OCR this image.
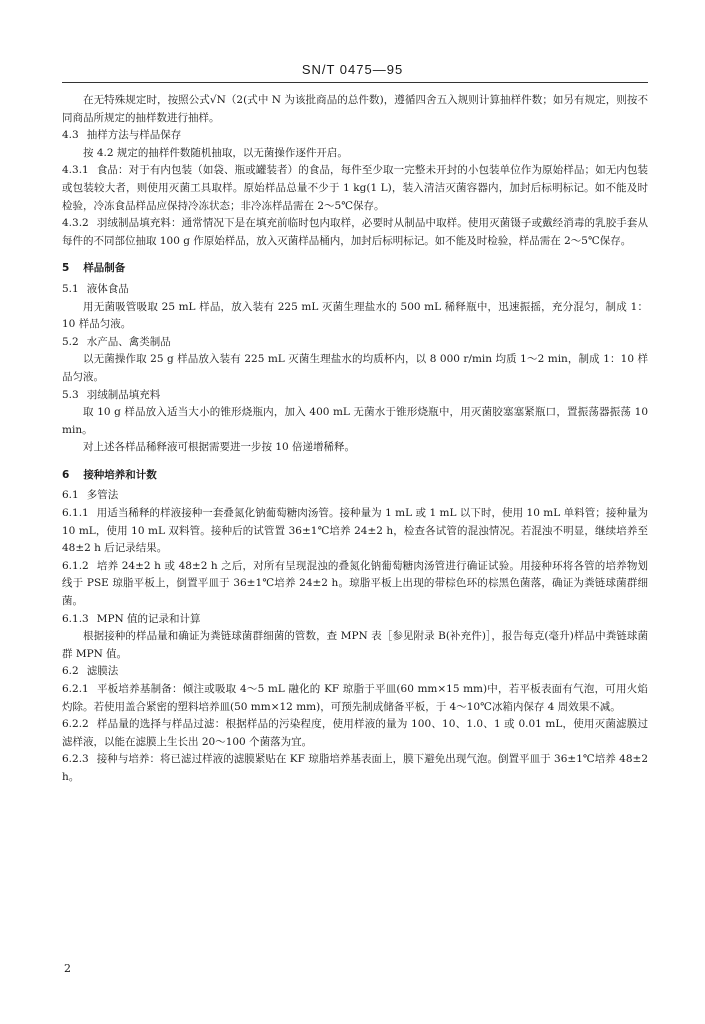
SN/T 0475—95

在无特殊规定时，按照公式√N（2(式中 N 为该批商品的总件数)，遵循四舍五入规则计算抽样件数；如另有规定，则按不同商品所规定的抽样数进行抽样。

4.3 抽样方法与样品保存

按 4.2 规定的抽样件数随机抽取，以无菌操作逐件开启。

4.3.1 食品：对于有内包装（如袋、瓶或罐装者）的食品，每件至少取一完整未开封的小包装单位作为原始样品；如无内包装或包装较大者，则使用灭菌工具取样。原始样品总量不少于 1 kg(1 L)，装入清洁灭菌容器内，加封后标明标记。如不能及时检验，冷冻食品样品应保持冷冻状态；非冷冻样品需在 2～5℃保存。

4.3.2 羽绒制品填充料：通常情况下是在填充前临时包内取样，必要时从制品中取样。使用灭菌镊子或戴经消毒的乳胶手套从每件的不同部位抽取 100 g 作原始样品，放入灭菌样品桶内，加封后标明标记。如不能及时检验，样品需在 2～5℃保存。

5 样品制备

5.1 液体食品

用无菌吸管吸取 25 mL 样品，放入装有 225 mL 灭菌生理盐水的 500 mL 稀释瓶中，迅速振摇，充分混匀，制成 1：10 样品匀液。

5.2 水产品、禽类制品

以无菌操作取 25 g 样品放入装有 225 mL 灭菌生理盐水的均质杯内，以 8 000 r/min 均质 1～2 min，制成 1：10 样品匀液。

5.3 羽绒制品填充料

取 10 g 样品放入适当大小的锥形烧瓶内，加入 400 mL 无菌水于锥形烧瓶中，用灭菌胶塞塞紧瓶口，置振荡器振荡 10 min。

对上述各样品稀释液可根据需要进一步按 10 倍递增稀释。

6 接种培养和计数

6.1 多管法

6.1.1 用适当稀释的样液接种一套叠氮化钠葡萄糖肉汤管。接种量为 1 mL 或 1 mL 以下时，使用 10 mL 单料管；接种量为 10 mL，使用 10 mL 双料管。接种后的试管置 36±1℃培养 24±2 h，检查各试管的混浊情况。若混浊不明显，继续培养至 48±2 h 后记录结果。

6.1.2 培养 24±2 h 或 48±2 h 之后，对所有呈现混浊的叠氮化钠葡萄糖肉汤管进行确证试验。用接种环将各管的培养物划线于 PSE 琼脂平板上，倒置平皿于 36±1℃培养 24±2 h。琼脂平板上出现的带棕色环的棕黑色菌落，确证为粪链球菌群细菌。

6.1.3 MPN 值的记录和计算

根据接种的样品量和确证为粪链球菌群细菌的管数，查 MPN 表［参见附录 B(补充件)］，报告每克(毫升)样品中粪链球菌群 MPN 值。

6.2 滤膜法

6.2.1 平板培养基制备：倾注或吸取 4～5 mL 融化的 KF 琼脂于平皿(60 mm×15 mm)中，若平板表面有气泡，可用火焰灼除。若使用盖合紧密的塑料培养皿(50 mm×12 mm)，可预先制成储备平板，于 4～10℃冰箱内保存 4 周效果不减。

6.2.2 样品量的选择与样品过滤：根据样品的污染程度，使用样液的量为 100、10、1.0、1 或 0.01 mL，使用灭菌滤膜过滤样液，以能在滤膜上生长出 20～100 个菌落为宜。

6.2.3 接种与培养：将已滤过样液的滤膜紧贴在 KF 琼脂培养基表面上，膜下避免出现气泡。倒置平皿于 36±1℃培养 48±2 h。

2
